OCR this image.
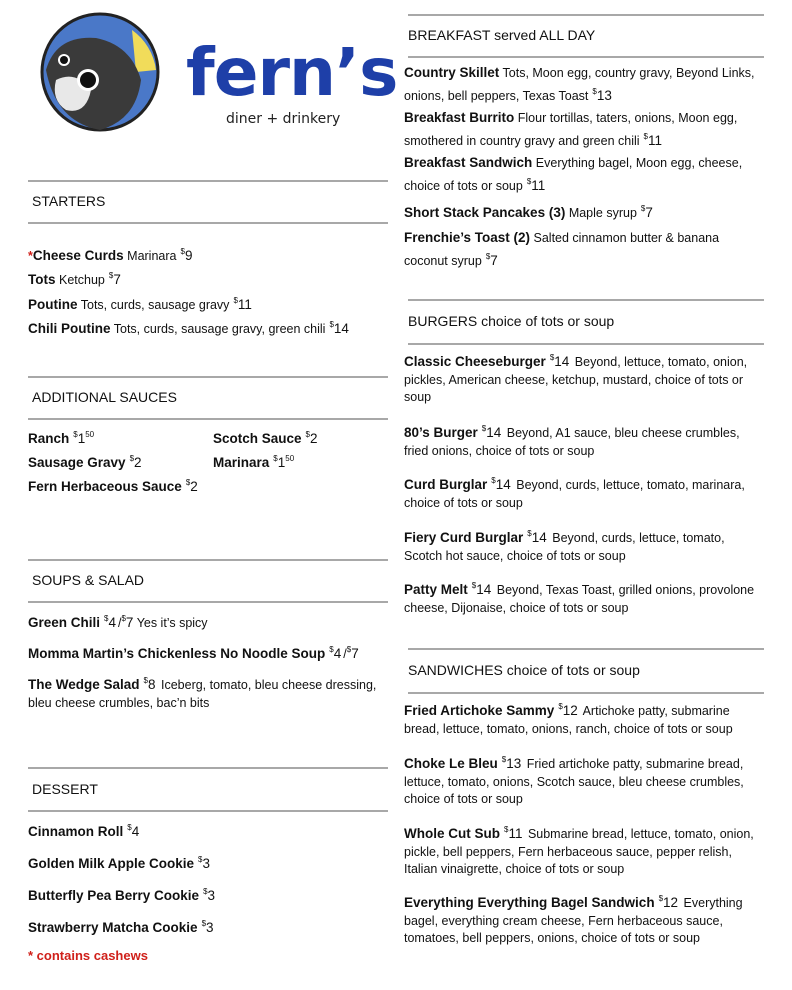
fern’s
diner + drinkery
* contains cashews
STARTERS
*Cheese Curds Marinara $9
Tots Ketchup $7
Poutine Tots, curds, sausage gravy $11
Chili Poutine Tots, curds, sausage gravy, green chili $14
ADDITIONAL SAUCES
Ranch $^{\$}1^{50}$	Scotch Sauce $2
Sausage Gravy $2	Marinara $^{\$}1^{50}$
Fern Herbaceous Sauce $2
SOUPS & SALAD
Green Chili $4 /$7 Yes it’s spicy
Momma Martin’s Chickenless No Noodle Soup $4 /$7
The Wedge Salad $8 Iceberg, tomato, bleu cheese dressing, bleu cheese crumbles, bac’n bits
DESSERT
Cinnamon Roll $4
Golden Milk Apple Cookie $3
Butterfly Pea Berry Cookie $3
Strawberry Matcha Cookie $3
BREAKFAST served ALL DAY
Country Skillet Tots, Moon egg, country gravy, Beyond Links, onions, bell peppers, Texas Toast $13
Breakfast Burrito Flour tortillas, taters, onions, Moon egg, smothered in country gravy and green chili $11
Breakfast Sandwich Everything bagel, Moon egg, cheese, choice of tots or soup $11
Short Stack Pancakes (3) Maple syrup $7
Frenchie’s Toast (2) Salted cinnamon butter & banana coconut syrup $7
BURGERS choice of tots or soup
Classic Cheeseburger $14 Beyond, lettuce, tomato, onion, pickles, American cheese, ketchup, mustard, choice of tots or soup
80’s Burger $14 Beyond, A1 sauce, bleu cheese crumbles, fried onions, choice of tots or soup
Curd Burglar $14 Beyond, curds, lettuce, tomato, marinara, choice of tots or soup
Fiery Curd Burglar $14 Beyond, curds, lettuce, tomato, Scotch hot sauce, choice of tots or soup
Patty Melt $14 Beyond, Texas Toast, grilled onions, provolone cheese, Dijonaise, choice of tots or soup
SANDWICHES choice of tots or soup
Fried Artichoke Sammy $12 Artichoke patty, submarine bread, lettuce, tomato, onions, ranch, choice of tots or soup
Choke Le Bleu $13 Fried artichoke patty, submarine bread, lettuce, tomato, onions, Scotch sauce, bleu cheese crumbles, choice of tots or soup
Whole Cut Sub $11 Submarine bread, lettuce, tomato, onion, pickle, bell peppers, Fern herbaceous sauce, pepper relish, Italian vinaigrette, choice of tots or soup
Everything Everything Bagel Sandwich $12 Everything bagel, everything cream cheese, Fern herbaceous sauce, tomatoes, bell peppers, onions, choice of tots or soup
